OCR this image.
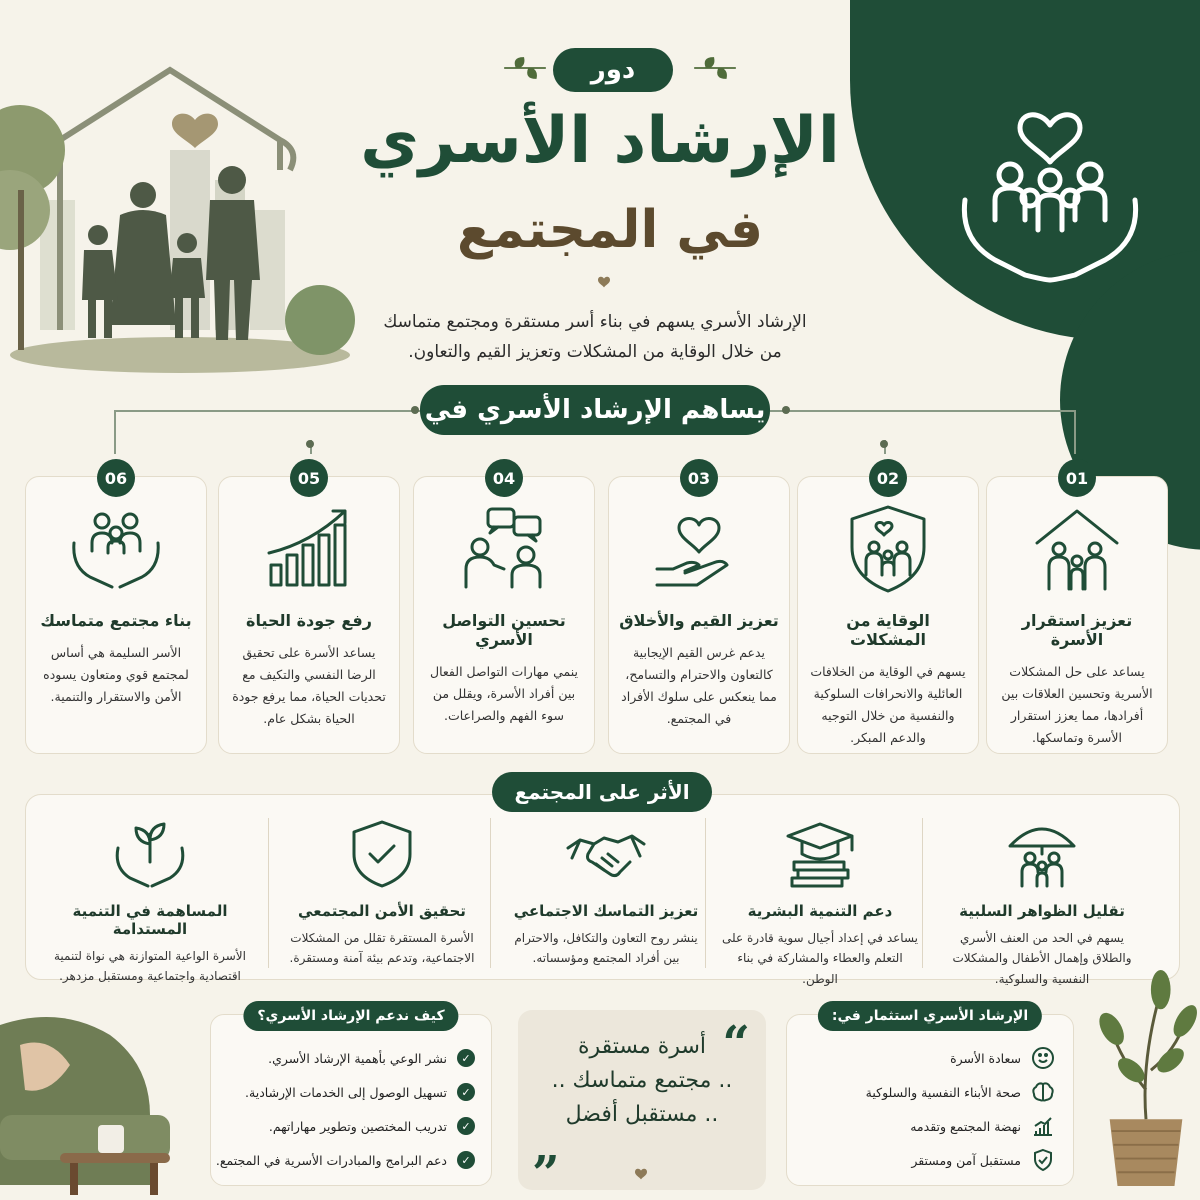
دور
الإرشاد الأسري
في المجتمع
الإرشاد الأسري يسهم في بناء أسر مستقرة ومجتمع متماسك
من خلال الوقاية من المشكلات وتعزيز القيم والتعاون.
يساهم الإرشاد الأسري في
01
تعزيز استقرار الأسرة

يساعد على حل المشكلات الأسرية وتحسين العلاقات بين أفرادها، مما يعزز استقرار الأسرة وتماسكها.

02
الوقاية من المشكلات

يسهم في الوقاية من الخلافات العائلية والانحرافات السلوكية والنفسية من خلال التوجيه والدعم المبكر.

03
تعزيز القيم والأخلاق

يدعم غرس القيم الإيجابية كالتعاون والاحترام والتسامح، مما ينعكس على سلوك الأفراد في المجتمع.

04
تحسين التواصل الأسري

ينمي مهارات التواصل الفعال بين أفراد الأسرة، ويقلل من سوء الفهم والصراعات.

05
رفع جودة الحياة

يساعد الأسرة على تحقيق الرضا النفسي والتكيف مع تحديات الحياة، مما يرفع جودة الحياة بشكل عام.

06
بناء مجتمع متماسك

الأسر السليمة هي أساس لمجتمع قوي ومتعاون يسوده الأمن والاستقرار والتنمية.

الأثر على المجتمع
تقليل الظواهر السلبية

يسهم في الحد من العنف الأسري والطلاق وإهمال الأطفال والمشكلات النفسية والسلوكية.

دعم التنمية البشرية

يساعد في إعداد أجيال سوية قادرة على التعلم والعطاء والمشاركة في بناء الوطن.

تعزيز التماسك الاجتماعي

ينشر روح التعاون والتكافل، والاحترام بين أفراد المجتمع ومؤسساته.

تحقيق الأمن المجتمعي

الأسرة المستقرة تقلل من المشكلات الاجتماعية، وتدعم بيئة آمنة ومستقرة.

المساهمة في التنمية المستدامة

الأسرة الواعية المتوازنة هي نواة لتنمية اقتصادية واجتماعية ومستقبل مزدهر.

الإرشاد الأسري استثمار في:
سعادة الأسرة
صحة الأبناء النفسية والسلوكية
نهضة المجتمع وتقدمه
مستقبل آمن ومستقر
“
أسرة مستقرة
.. مجتمع متماسك ..
.. مستقبل أفضل
”
كيف ندعم الإرشاد الأسري؟
✓
نشر الوعي بأهمية الإرشاد الأسري.
✓
تسهيل الوصول إلى الخدمات الإرشادية.
✓
تدريب المختصين وتطوير مهاراتهم.
✓
دعم البرامج والمبادرات الأسرية في المجتمع.
